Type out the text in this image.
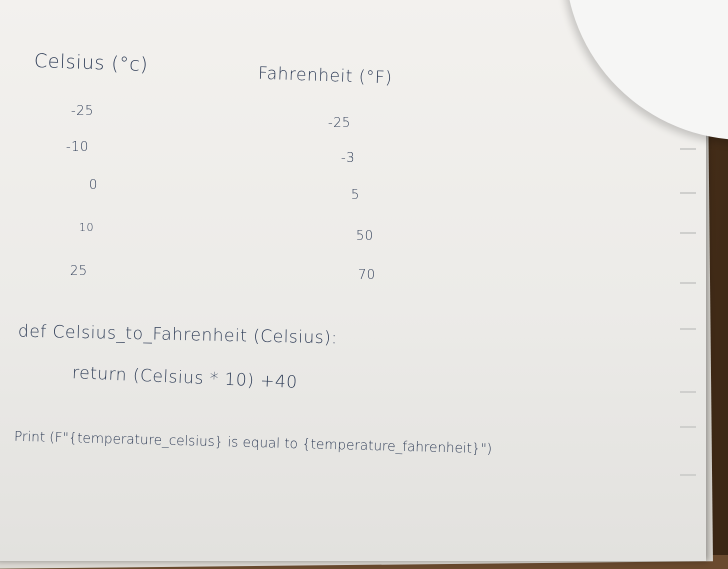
Celsius (°c)
Fahrenheit (°F)
-25
-10
0
10
25
-25
-3
5
50
70
def Celsius_to_Fahrenheit (Celsius):
return (Celsius * 10) +40
Print (F"{temperature_celsius} is equal to {temperature_fahrenheit}")
